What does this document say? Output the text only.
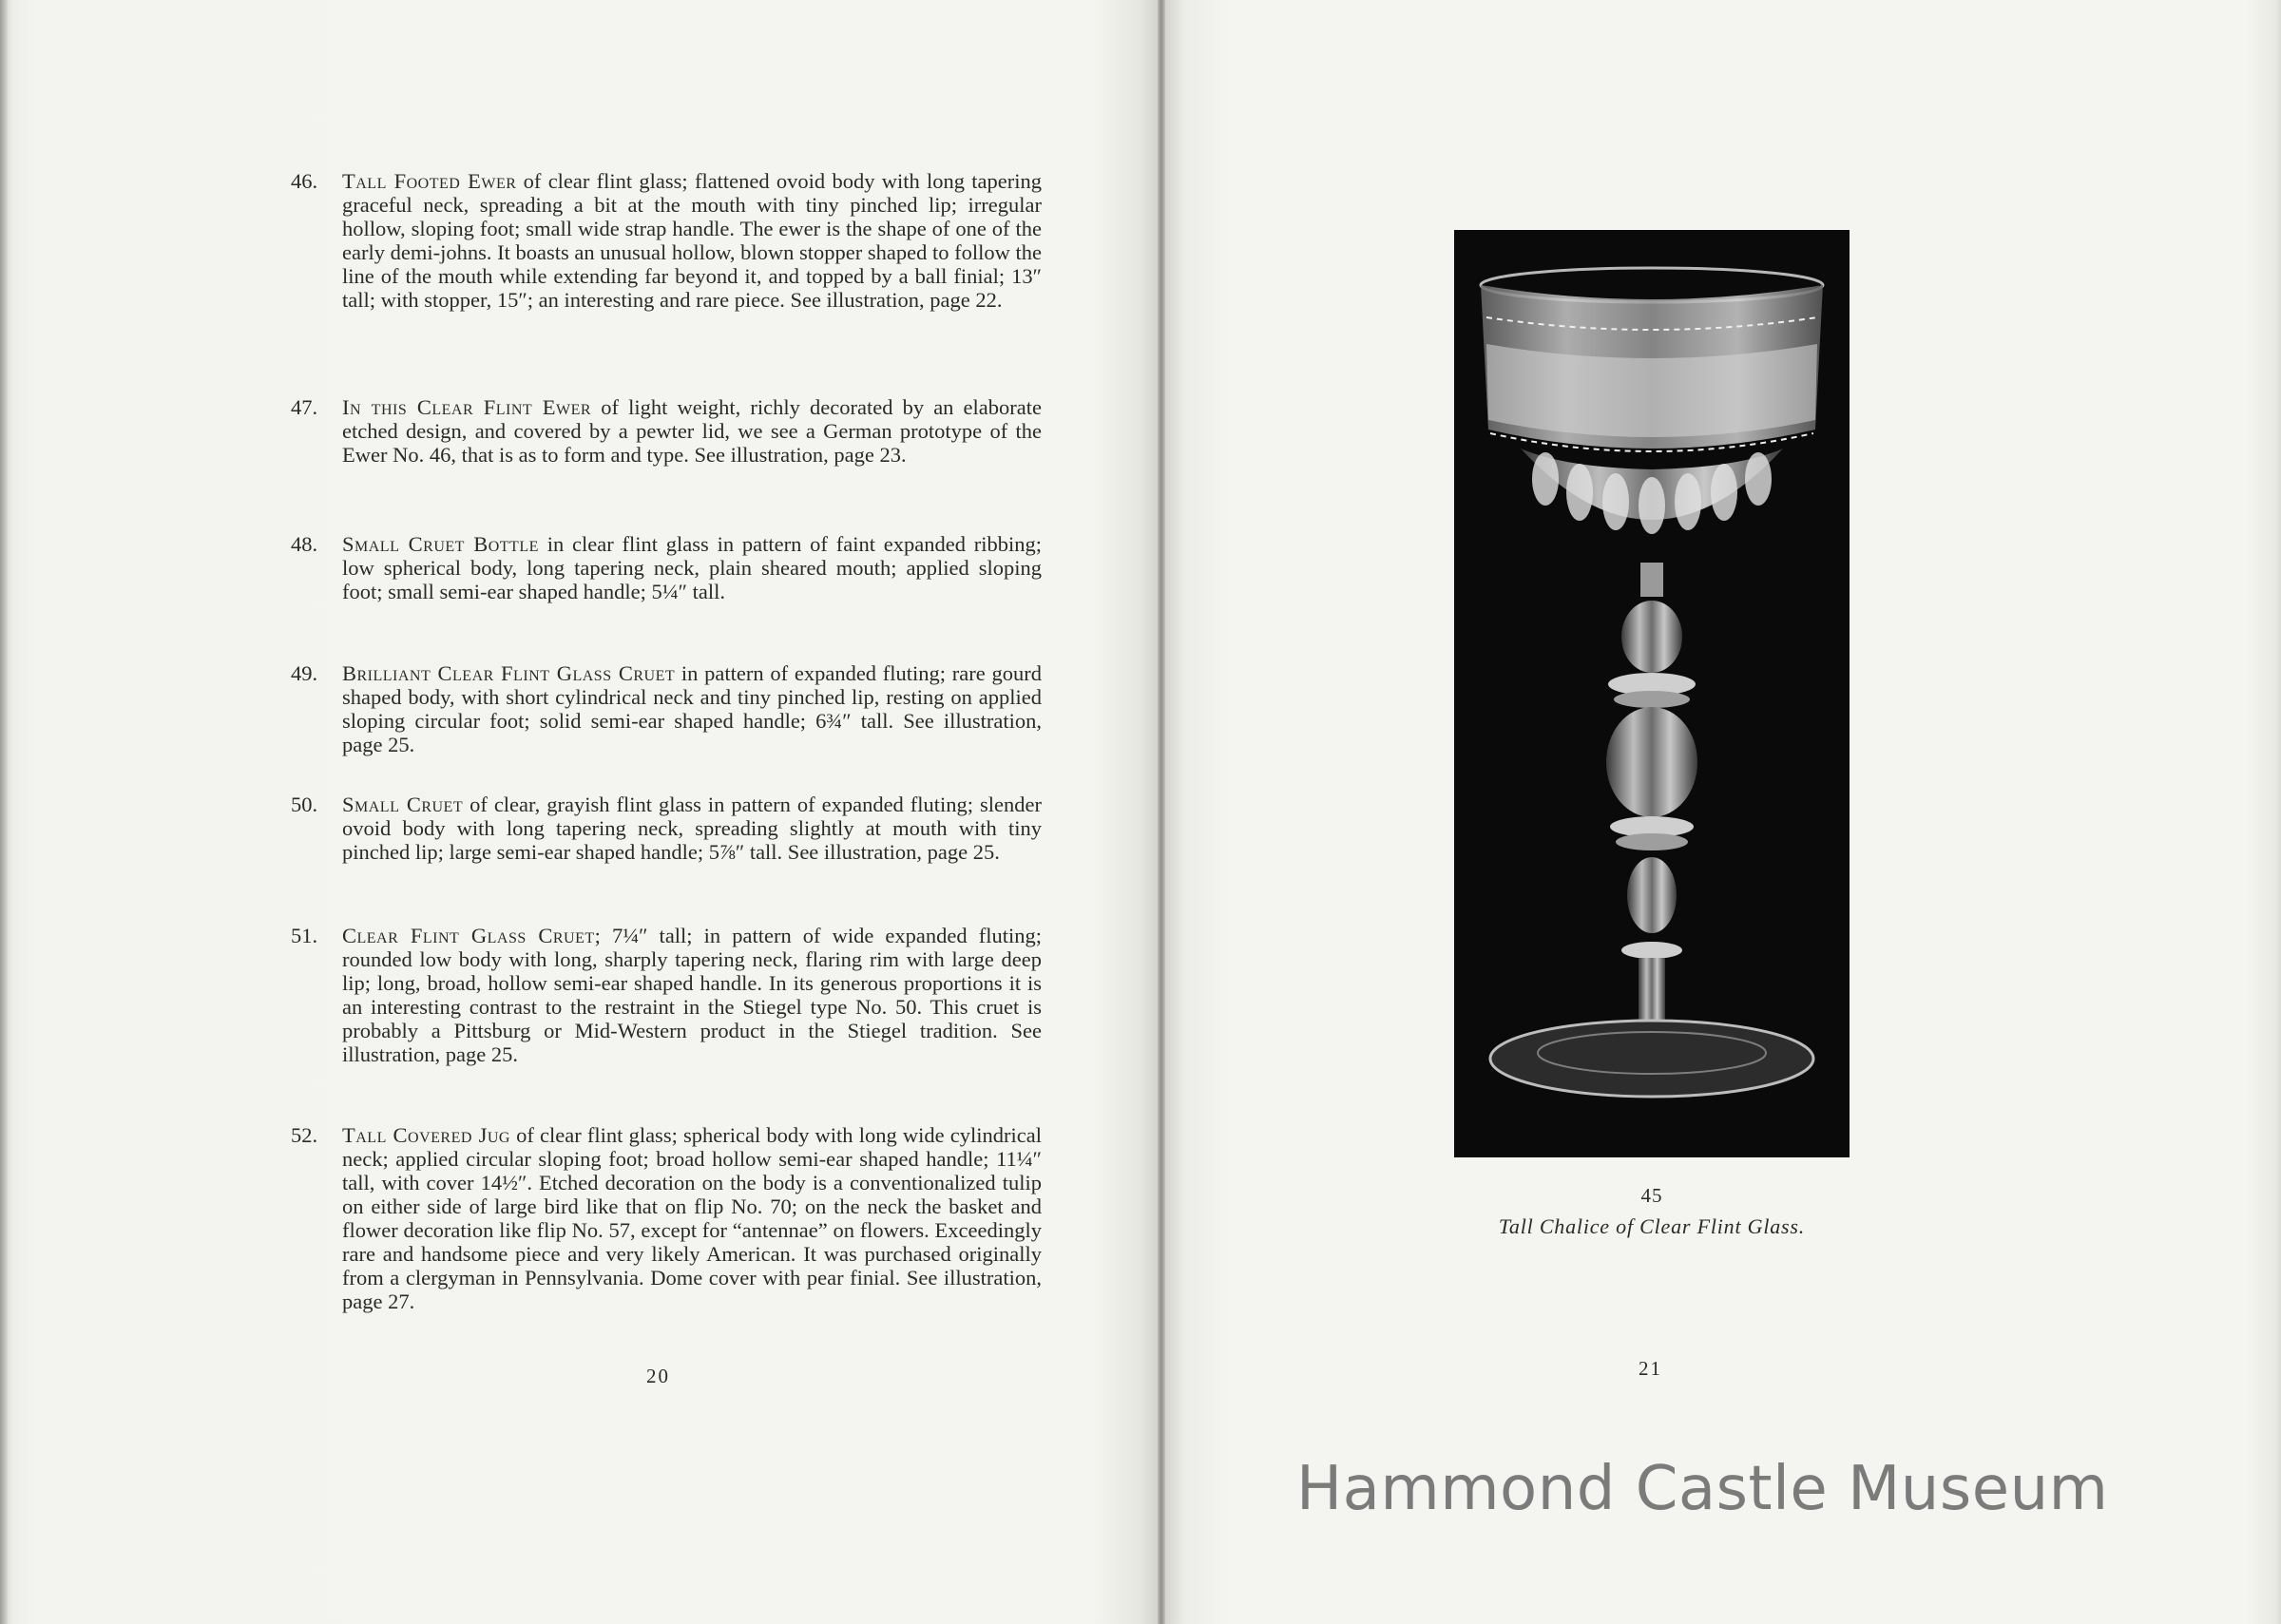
46.	Tall Footed Ewer of clear flint glass; flattened ovoid body with long tapering graceful neck, spreading a bit at the mouth with tiny pinched lip; irregular hollow, sloping foot; small wide strap handle. The ewer is the shape of one of the early demi-johns. It boasts an unusual hollow, blown stopper shaped to follow the line of the mouth while extending far beyond it, and topped by a ball finial; 13″ tall; with stopper, 15″; an interesting and rare piece. See illustration, page 22.
47.	In this Clear Flint Ewer of light weight, richly decorated by an elaborate etched design, and covered by a pewter lid, we see a German prototype of the Ewer No. 46, that is as to form and type. See illustration, page 23.
48.	Small Cruet Bottle in clear flint glass in pattern of faint expanded ribbing; low spherical body, long tapering neck, plain sheared mouth; applied sloping foot; small semi-ear shaped handle; 5¼″ tall.
49.	Brilliant Clear Flint Glass Cruet in pattern of expanded fluting; rare gourd shaped body, with short cylindrical neck and tiny pinched lip, resting on applied sloping circular foot; solid semi-ear shaped handle; 6¾″ tall. See illustration, page 25.
50.	Small Cruet of clear, grayish flint glass in pattern of expanded fluting; slender ovoid body with long tapering neck, spreading slightly at mouth with tiny pinched lip; large semi-ear shaped handle; 5⅞″ tall. See illustration, page 25.
51.	Clear Flint Glass Cruet; 7¼″ tall; in pattern of wide expanded fluting; rounded low body with long, sharply tapering neck, flaring rim with large deep lip; long, broad, hollow semi-ear shaped handle. In its generous proportions it is an interesting contrast to the restraint in the Stiegel type No. 50. This cruet is probably a Pittsburg or Mid-Western product in the Stiegel tradition. See illustration, page 25.
52.	Tall Covered Jug of clear flint glass; spherical body with long wide cylindrical neck; applied circular sloping foot; broad hollow semi-ear shaped handle; 11¼″ tall, with cover 14½″. Etched decoration on the body is a conventionalized tulip on either side of large bird like that on flip No. 70; on the neck the basket and flower decoration like flip No. 57, except for “antennae” on flowers. Exceedingly rare and handsome piece and very likely American. It was purchased originally from a clergyman in Pennsylvania. Dome cover with pear finial. See illustration, page 27.
20
45
Tall Chalice of Clear Flint Glass.
21
Hammond Castle Museum
